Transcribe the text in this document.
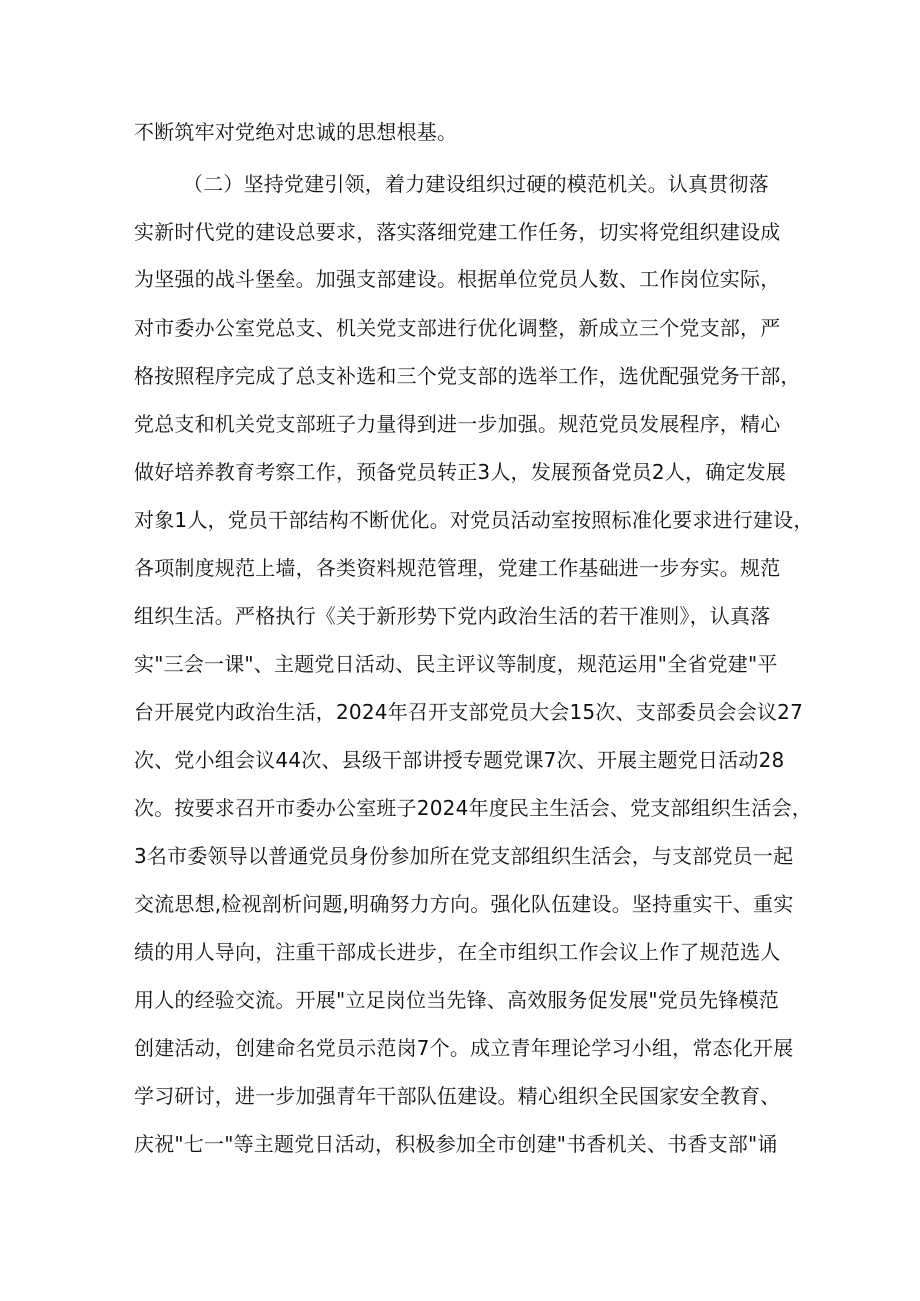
不断筑牢对党绝对忠诚的思想根基。

（二）坚持党建引领，着力建设组织过硬的模范机关。认真贯彻落

实新时代党的建设总要求，落实落细党建工作任务，切实将党组织建设成

为坚强的战斗堡垒。加强支部建设。根据单位党员人数、工作岗位实际，

对市委办公室党总支、机关党支部进行优化调整，新成立三个党支部，严

格按照程序完成了总支补选和三个党支部的选举工作，选优配强党务干部，

党总支和机关党支部班子力量得到进一步加强。规范党员发展程序，精心

做好培养教育考察工作，预备党员转正3人，发展预备党员2人，确定发展

对象1人，党员干部结构不断优化。对党员活动室按照标准化要求进行建设，

各项制度规范上墙，各类资料规范管理，党建工作基础进一步夯实。规范

组织生活。严格执行《关于新形势下党内政治生活的若干准则》，认真落

实"三会一课"、主题党日活动、民主评议等制度，规范运用"全省党建"平

台开展党内政治生活，2024年召开支部党员大会15次、支部委员会会议27

次、党小组会议44次、县级干部讲授专题党课7次、开展主题党日活动28

次。按要求召开市委办公室班子2024年度民主生活会、党支部组织生活会，

3名市委领导以普通党员身份参加所在党支部组织生活会，与支部党员一起

交流思想,检视剖析问题,明确努力方向。强化队伍建设。坚持重实干、重实

绩的用人导向，注重干部成长进步，在全市组织工作会议上作了规范选人

用人的经验交流。开展"立足岗位当先锋、高效服务促发展"党员先锋模范

创建活动，创建命名党员示范岗7个。成立青年理论学习小组，常态化开展

学习研讨，进一步加强青年干部队伍建设。精心组织全民国家安全教育、

庆祝"七一"等主题党日活动，积极参加全市创建"书香机关、书香支部"诵
